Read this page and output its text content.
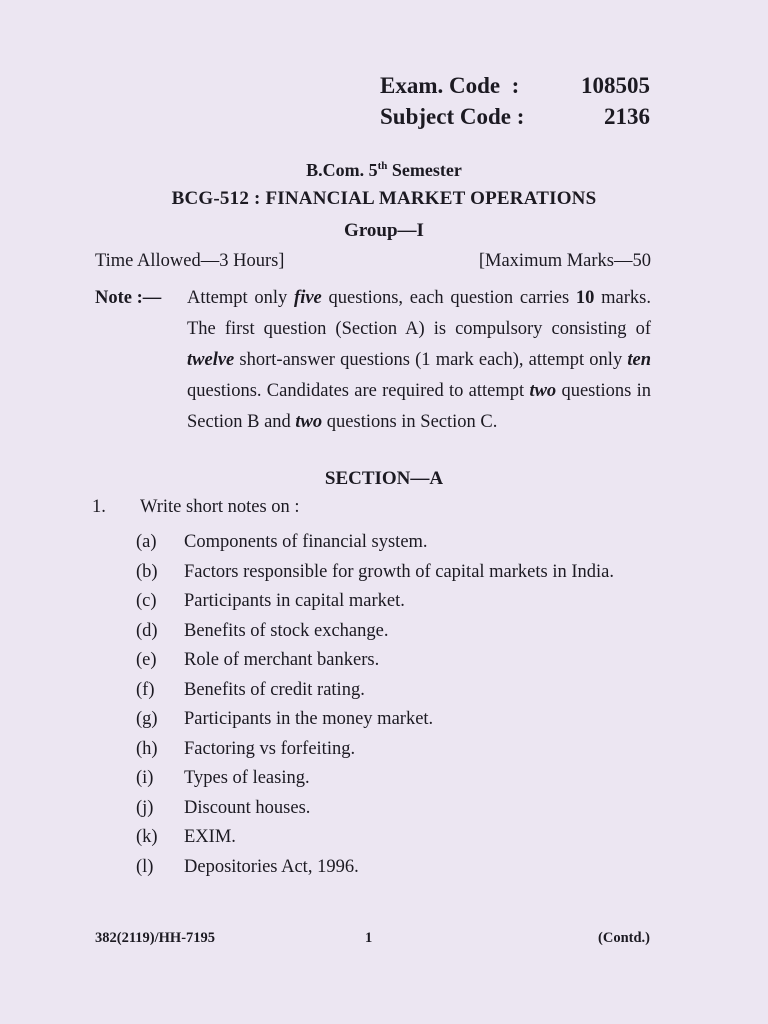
Exam. Code :	108505
Subject Code :	2136
B.Com. 5th Semester
BCG-512 : FINANCIAL MARKET OPERATIONS
Group—I
Time Allowed—3 Hours]	[Maximum Marks—50
Note :— Attempt only five questions, each question carries 10 marks. The first question (Section A) is compulsory consisting of twelve short-answer questions (1 mark each), attempt only ten questions. Candidates are required to attempt two questions in Section B and two questions in Section C.
SECTION—A
1. Write short notes on :
(a)	Components of financial system.
(b)	Factors responsible for growth of capital markets in India.
(c)	Participants in capital market.
(d)	Benefits of stock exchange.
(e)	Role of merchant bankers.
(f)	Benefits of credit rating.
(g)	Participants in the money market.
(h)	Factoring vs forfeiting.
(i)	Types of leasing.
(j)	Discount houses.
(k)	EXIM.
(l)	Depositories Act, 1996.
382(2119)/HH-7195	1	(Contd.)
